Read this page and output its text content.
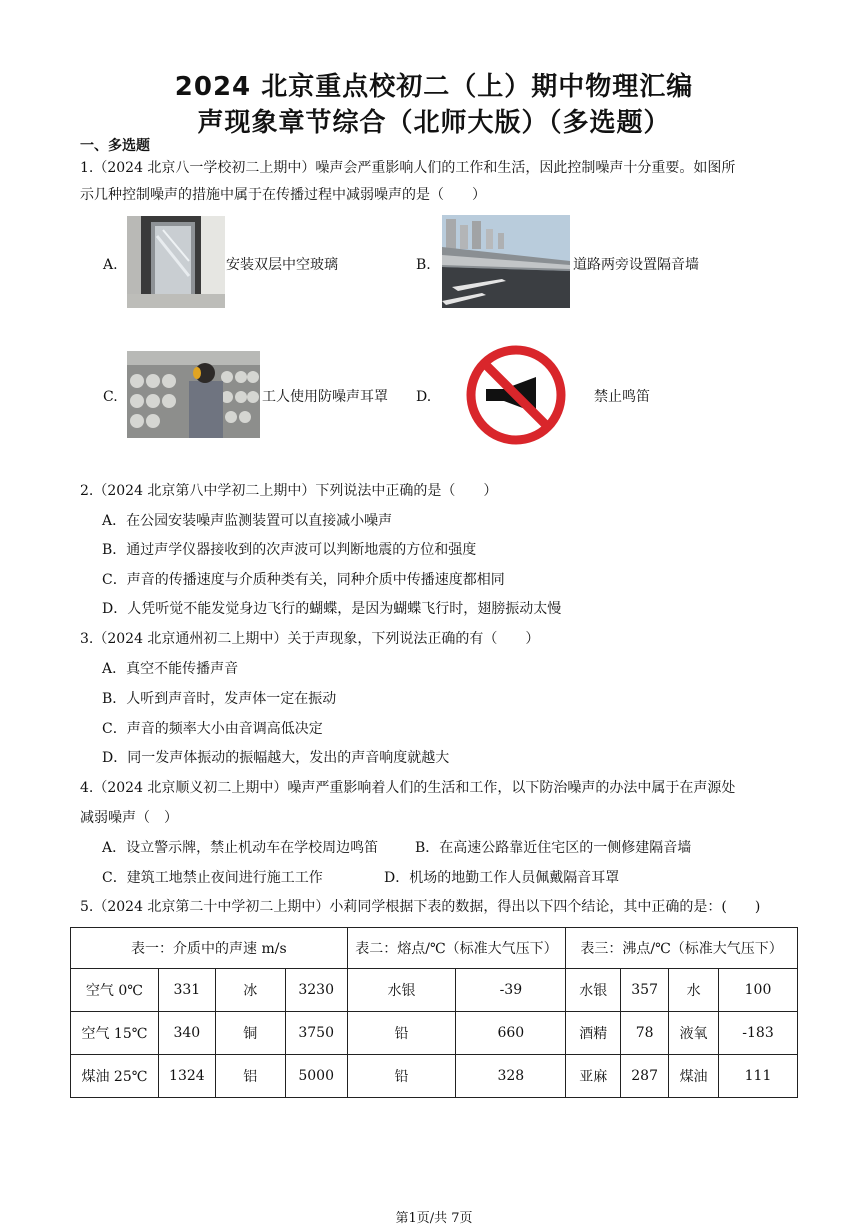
2024 北京重点校初二（上）期中物理汇编
声现象章节综合（北师大版）（多选题）
一、多选题
1.（2024 北京八一学校初二上期中）噪声会严重影响人们的工作和生活，因此控制噪声十分重要。如图所
示几种控制噪声的措施中属于在传播过程中减弱噪声的是（　　）
A.	安装双层中空玻璃	B.	道路两旁设置隔音墙
C.	工人使用防噪声耳罩 D.	禁止鸣笛
2.（2024 北京第八中学初二上期中）下列说法中正确的是（　　）
A．在公园安装噪声监测装置可以直接减小噪声
B．通过声学仪器接收到的次声波可以判断地震的方位和强度
C．声音的传播速度与介质种类有关，同种介质中传播速度都相同
D．人凭听觉不能发觉身边飞行的蝴蝶，是因为蝴蝶飞行时，翅膀振动太慢
3.（2024 北京通州初二上期中）关于声现象，下列说法正确的有（　　）
A．真空不能传播声音
B．人听到声音时，发声体一定在振动
C．声音的频率大小由音调高低决定
D．同一发声体振动的振幅越大，发出的声音响度就越大
4.（2024 北京顺义初二上期中）噪声严重影响着人们的生活和工作，以下防治噪声的办法中属于在声源处
减弱噪声（　）
A．设立警示牌，禁止机动车在学校周边鸣笛	B．在高速公路靠近住宅区的一侧修建隔音墙
C．建筑工地禁止夜间进行施工工作	D．机场的地勤工作人员佩戴隔音耳罩
5.（2024 北京第二十中学初二上期中）小莉同学根据下表的数据，得出以下四个结论，其中正确的是：(　　)
表一：介质中的声速 m/s				表二：熔点/℃（标准大气压下）		表三：沸点/℃（标准大气压下）			
空气 0℃	331	冰	3230	水银	-39	水银	357	水	100
空气 15℃	340	铜	3750	铅	660	酒精	78	液氧	-183
煤油 25℃	1324	铝	5000	铅	328	亚麻	287	煤油	111
第1页/共 7页
